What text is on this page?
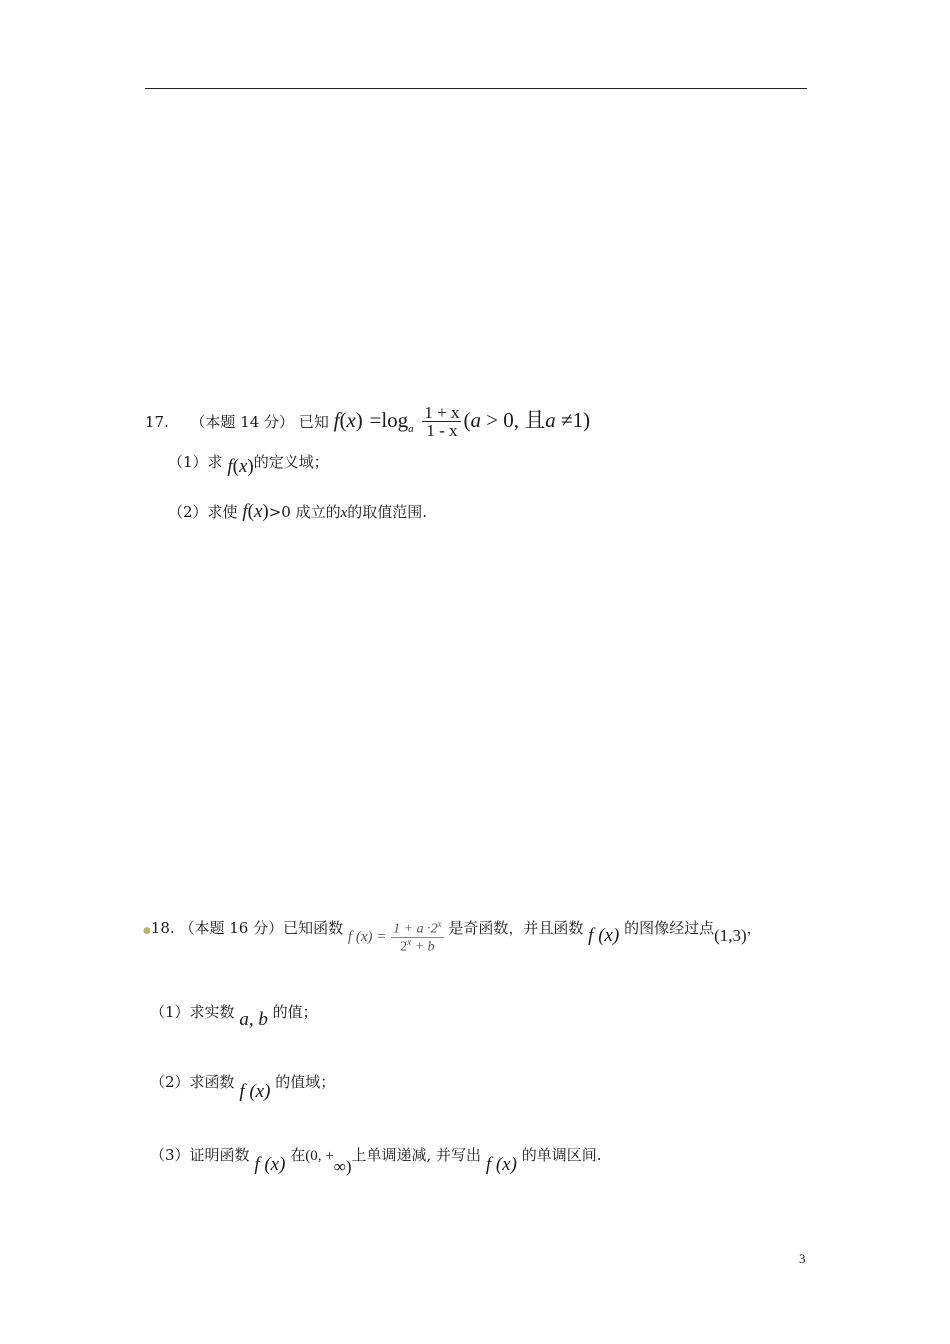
17. （本题 14 分） 已知 $f(x) =\log_a \frac{1 + x}{1 - x} (a > 0$, 且a ≠1)
（1）求 f(x)的定义域；
（2）求使 f(x)>0 成立的x的取值范围.
●18. （本题 16 分）已知函数 f $(x) = \frac{1 + a \cdot 2^x}{2^x + b}$ 是奇函数，并且函数 f (x) 的图像经过点(1,3)，
（1）求实数 a, b 的值；
（2）求函数 f (x) 的值域；
（3）证明函数 f (x) 在(0, +∞)上单调递减, 并写出 f (x) 的单调区间.
3
